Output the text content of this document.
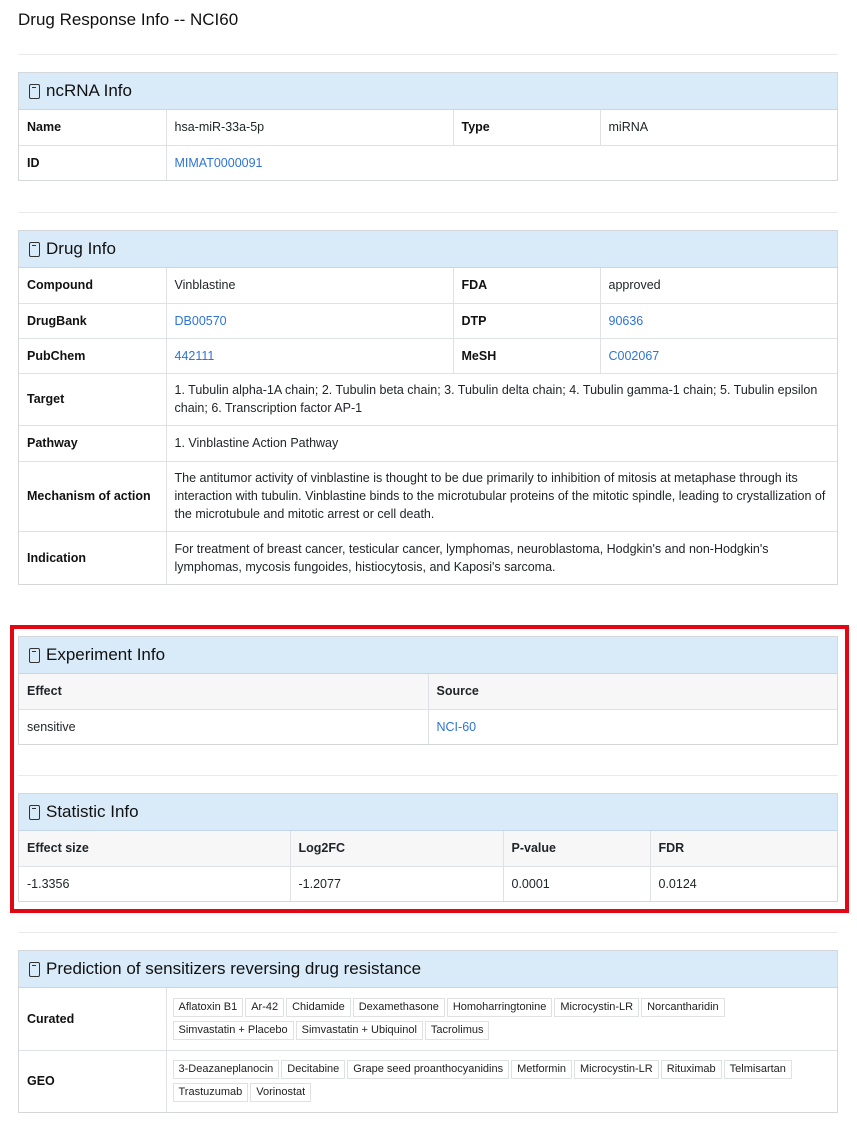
Drug Response Info -- NCI60
ncRNA Info
Name	hsa-miR-33a-5p	Type	miRNA
ID	MIMAT0000091		
Drug Info
Compound	Vinblastine	FDA	approved
DrugBank	DB00570	DTP	90636
PubChem	442111	MeSH	C002067
Target	1. Tubulin alpha-1A chain; 2. Tubulin beta chain; 3. Tubulin delta chain; 4. Tubulin gamma-1 chain; 5. Tubulin epsilon chain; 6. Transcription factor AP-1		
Pathway	1. Vinblastine Action Pathway		
Mechanism of action	The antitumor activity of vinblastine is thought to be due primarily to inhibition of mitosis at metaphase through its interaction with tubulin. Vinblastine binds to the microtubular proteins of the mitotic spindle, leading to crystallization of the microtubule and mitotic arrest or cell death.		
Indication	For treatment of breast cancer, testicular cancer, lymphomas, neuroblastoma, Hodgkin's and non-Hodgkin's lymphomas, mycosis fungoides, histiocytosis, and Kaposi's sarcoma.		
Experiment Info
Effect	Source
sensitive	NCI-60
Statistic Info
Effect size	Log2FC	P-value	FDR
-1.3356	-1.2077	0.0001	0.0124
Prediction of sensitizers reversing drug resistance
Curated	Aflatoxin B1 Ar-42 Chidamide Dexamethasone Homoharringtonine Microcystin-LR NorcantharidinSimvastatin + Placebo Simvastatin + Ubiquinol Tacrolimus
GEO	3-Deazaneplanocin Decitabine Grape seed proanthocyanidins Metformin Microcystin-LR Rituximab TelmisartanTrastuzumab Vorinostat
